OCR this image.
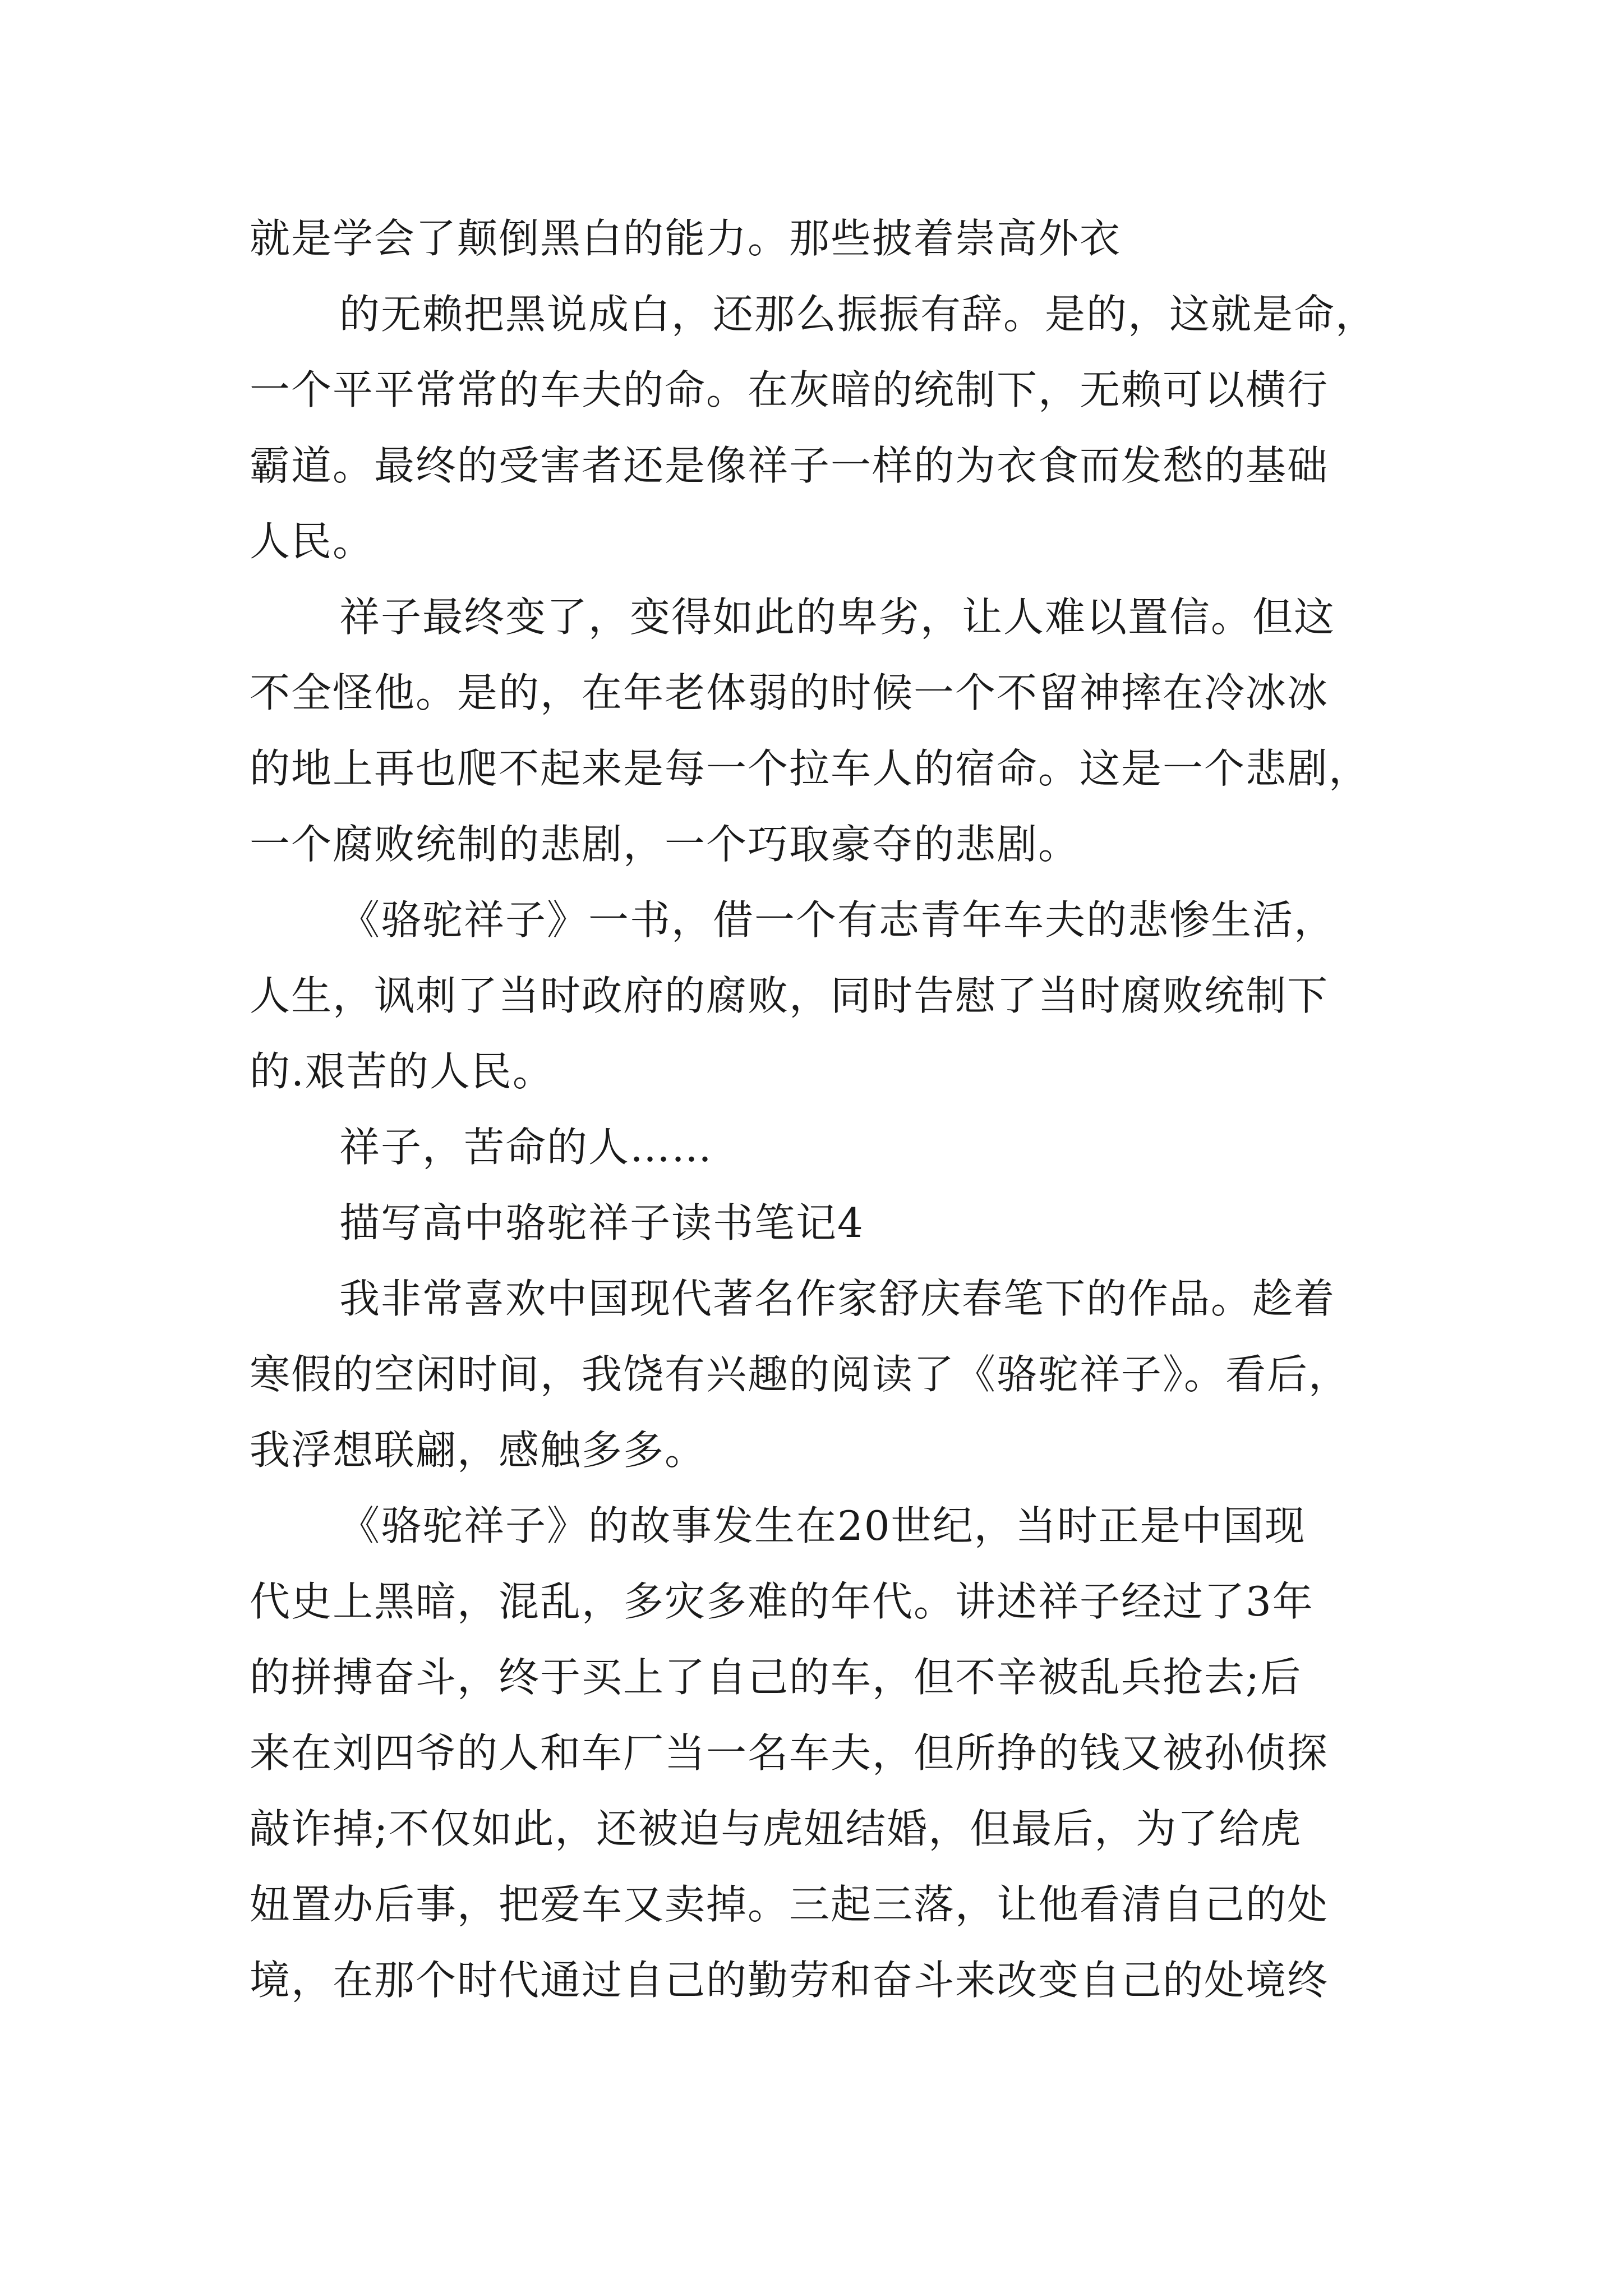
就是学会了颠倒黑白的能力。那些披着崇高外衣
的无赖把黑说成白，还那么振振有辞。是的，这就是命，
一个平平常常的车夫的命。在灰暗的统制下，无赖可以横行
霸道。最终的受害者还是像祥子一样的为衣食而发愁的基础
人民。
祥子最终变了，变得如此的卑劣，让人难以置信。但这
不全怪他。是的，在年老体弱的时候一个不留神摔在冷冰冰
的地上再也爬不起来是每一个拉车人的宿命。这是一个悲剧，
一个腐败统制的悲剧，一个巧取豪夺的悲剧。
《骆驼祥子》一书，借一个有志青年车夫的悲惨生活，
人生，讽刺了当时政府的腐败，同时告慰了当时腐败统制下
的.艰苦的人民。
祥子，苦命的人……
描写高中骆驼祥子读书笔记4
我非常喜欢中国现代著名作家舒庆春笔下的作品。趁着
寒假的空闲时间，我饶有兴趣的阅读了《骆驼祥子》。看后，
我浮想联翩，感触多多。
《骆驼祥子》的故事发生在20世纪，当时正是中国现
代史上黑暗，混乱，多灾多难的年代。讲述祥子经过了3年
的拼搏奋斗，终于买上了自己的车，但不辛被乱兵抢去;后
来在刘四爷的人和车厂当一名车夫，但所挣的钱又被孙侦探
敲诈掉;不仅如此，还被迫与虎妞结婚，但最后，为了给虎
妞置办后事，把爱车又卖掉。三起三落，让他看清自己的处
境，在那个时代通过自己的勤劳和奋斗来改变自己的处境终
